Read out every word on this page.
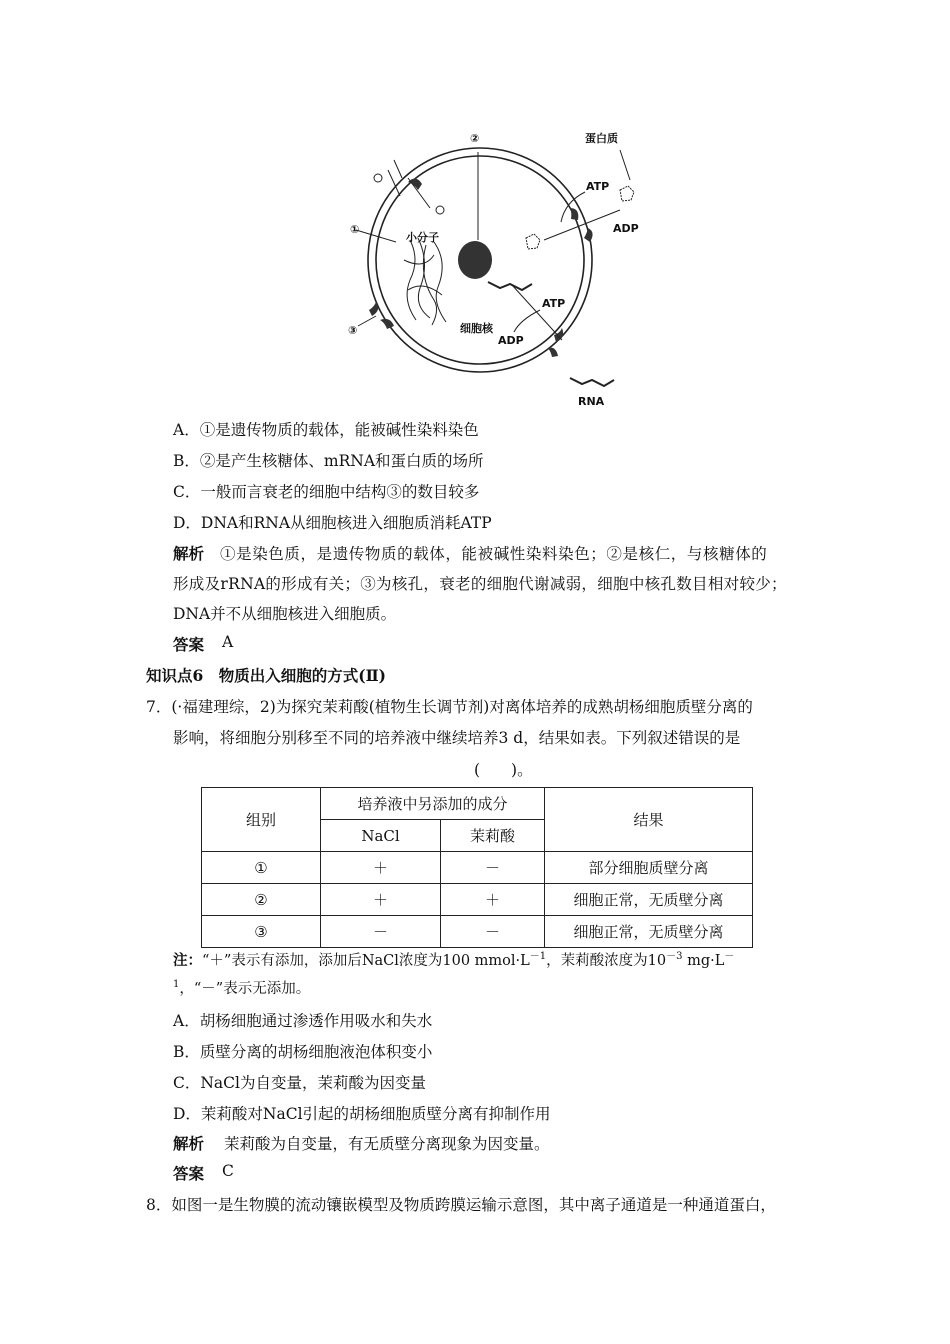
①
②
③
蛋白质
ATP
ADP
小分子
细胞核
ATP
ADP
RNA
A．①是遗传物质的载体，能被碱性染料染色
B．②是产生核糖体、mRNA和蛋白质的场所
C．一般而言衰老的细胞中结构③的数目较多
D．DNA和RNA从细胞核进入细胞质消耗ATP
解析 ①是染色质，是遗传物质的载体，能被碱性染料染色；②是核仁，与核糖体的
形成及rRNA的形成有关；③为核孔，衰老的细胞代谢减弱，细胞中核孔数目相对较少；
DNA并不从细胞核进入细胞质。
答案 A
知识点6　物质出入细胞的方式(Ⅱ)
7．(·福建理综，2)为探究茉莉酸(植物生长调节剂)对离体培养的成熟胡杨细胞质壁分离的
影响，将细胞分别移至不同的培养液中继续培养3 d，结果如表。下列叙述错误的是
(　　)。
组别	培养液中另添加的成分		结果
	NaCl	茉莉酸	
①	＋	－	部分细胞质壁分离
②	＋	＋	细胞正常，无质壁分离
③	－	－	细胞正常，无质壁分离
注：“＋”表示有添加，添加后NaCl浓度为100 $mmol\cdot L^{-1}$，茉莉酸浓度为$10^{-3}$ mg·L－
$^1$，“－”表示无添加。
A．胡杨细胞通过渗透作用吸水和失水
B．质壁分离的胡杨细胞液泡体积变小
C．NaCl为自变量，茉莉酸为因变量
D．茉莉酸对NaCl引起的胡杨细胞质壁分离有抑制作用
解析 茉莉酸为自变量，有无质壁分离现象为因变量。
答案 C
8．如图一是生物膜的流动镶嵌模型及物质跨膜运输示意图，其中离子通道是一种通道蛋白，
